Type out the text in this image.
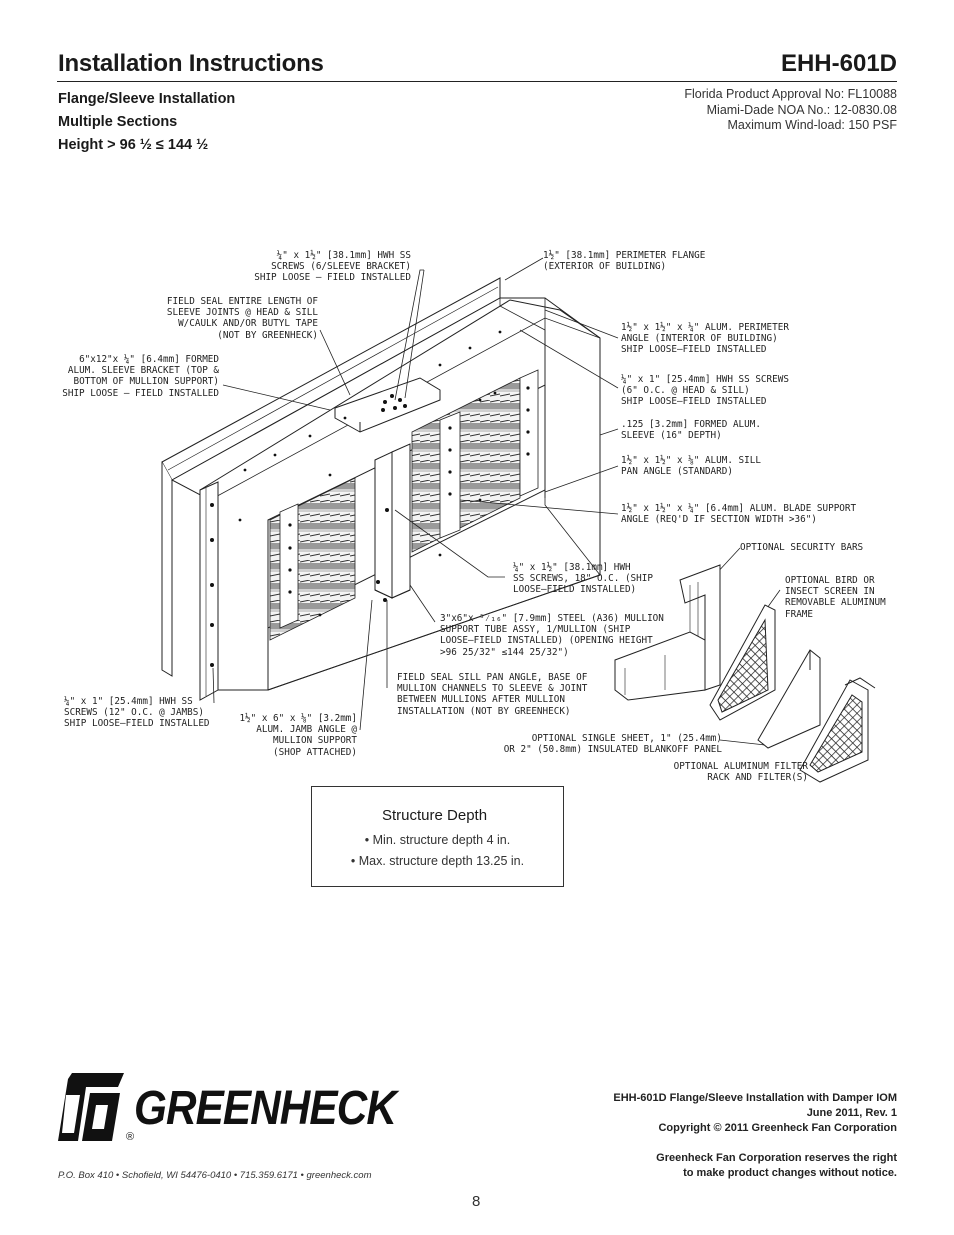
Installation Instructions	EHH-601D
Flange/Sleeve Installation
Multiple Sections
Height > 96 ½ ≤ 144 ½
Florida Product Approval No: FL10088
Miami-Dade NOA No.: 12-0830.08
Maximum Wind-load: 150 PSF
¼" x 1½" [38.1mm] HWH SS
SCREWS (6/SLEEVE BRACKET)
SHIP LOOSE – FIELD INSTALLED
1½" [38.1mm] PERIMETER FLANGE
(EXTERIOR OF BUILDING)
FIELD SEAL ENTIRE LENGTH OF
SLEEVE JOINTS @ HEAD & SILL
W/CAULK AND/OR BUTYL TAPE
(NOT BY GREENHECK)
1½" x 1½" x ¼" ALUM. PERIMETER
ANGLE (INTERIOR OF BUILDING)
SHIP LOOSE–FIELD INSTALLED
6"x12"x ¼" [6.4mm] FORMED
ALUM. SLEEVE BRACKET (TOP &
BOTTOM OF MULLION SUPPORT)
SHIP LOOSE – FIELD INSTALLED
¼" x 1" [25.4mm] HWH SS SCREWS
(6" O.C. @ HEAD & SILL)
SHIP LOOSE–FIELD INSTALLED
.125 [3.2mm] FORMED ALUM.
SLEEVE (16" DEPTH)
1½" x 1½" x ⅛" ALUM. SILL
PAN ANGLE (STANDARD)
1½" x 1½" x ¼" [6.4mm] ALUM. BLADE SUPPORT
ANGLE (REQ'D IF SECTION WIDTH >36")
OPTIONAL SECURITY BARS
¼" x 1½" [38.1mm] HWH
SS SCREWS, 18" O.C. (SHIP
LOOSE–FIELD INSTALLED)
OPTIONAL BIRD OR
INSECT SCREEN IN
REMOVABLE ALUMINUM
FRAME
3"x6"x ⁵⁄₁₆" [7.9mm] STEEL (A36) MULLION
SUPPORT TUBE ASSY, 1/MULLION (SHIP
LOOSE–FIELD INSTALLED) (OPENING HEIGHT
>96 25/32" ≤144 25/32")
FIELD SEAL SILL PAN ANGLE, BASE OF
MULLION CHANNELS TO SLEEVE & JOINT
BETWEEN MULLIONS AFTER MULLION
INSTALLATION (NOT BY GREENHECK)
¼" x 1" [25.4mm] HWH SS
SCREWS (12" O.C. @ JAMBS)
SHIP LOOSE–FIELD INSTALLED	1½" x 6" x ⅛" [3.2mm]
ALUM. JAMB ANGLE @
MULLION SUPPORT
(SHOP ATTACHED)
OPTIONAL SINGLE SHEET, 1" (25.4mm)
OR 2" (50.8mm) INSULATED BLANKOFF PANEL
OPTIONAL ALUMINUM FILTER
RACK AND FILTER(S)
Structure Depth
• Min. structure depth 4 in.
• Max. structure depth 13.25 in.
GREENHECK
®
P.O. Box 410 • Schofield, WI 54476-0410 • 715.359.6171 • greenheck.com
EHH-601D Flange/Sleeve Installation with Damper IOM
June 2011, Rev. 1
Copyright © 2011 Greenheck Fan Corporation
Greenheck Fan Corporation reserves the right
to make product changes without notice.
8
